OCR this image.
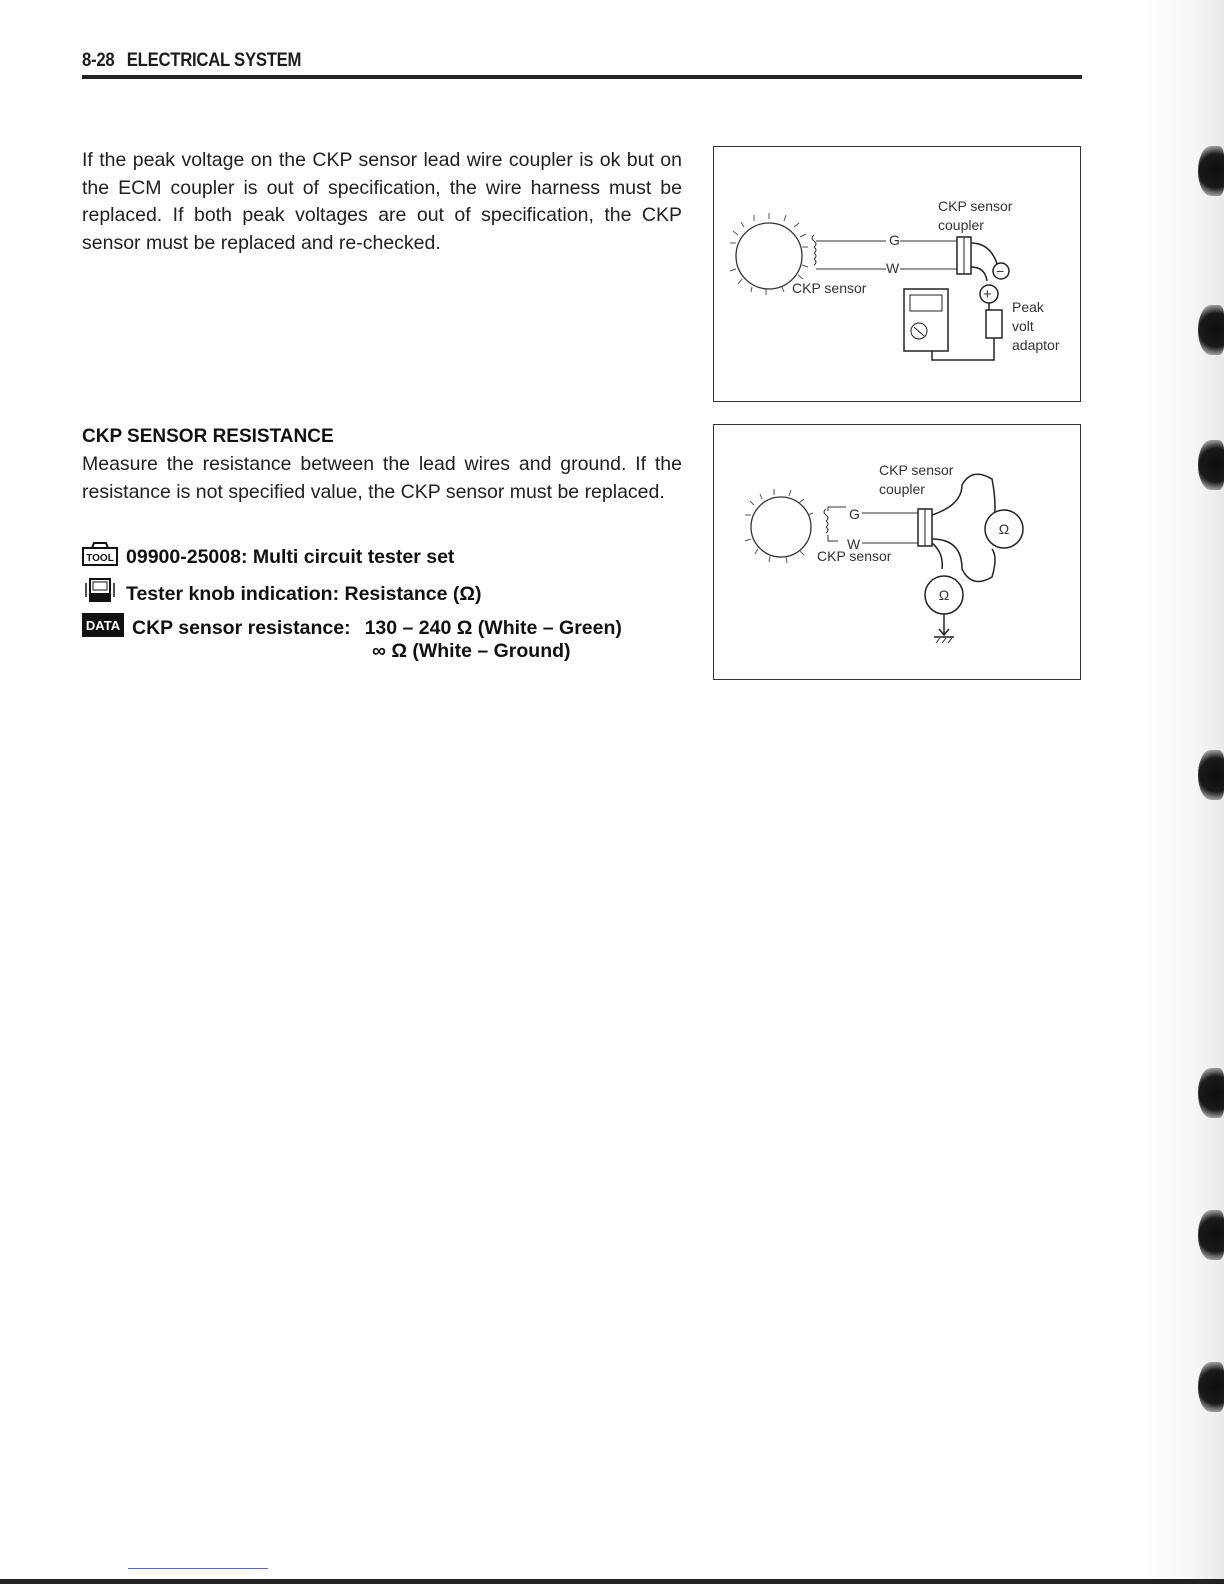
8-28 ELECTRICAL SYSTEM
If the peak voltage on the CKP sensor lead wire coupler is ok but on the ECM coupler is out of specification, the wire harness must be replaced. If both peak voltages are out of specification, the CKP sensor must be replaced and re-checked.	G
W
CKP sensor
coupler
CKP sensor
−
+
Peak
volt
adaptor
CKP SENSOR RESISTANCE
Measure the resistance between the lead wires and ground. If the resistance is not specified value, the CKP sensor must be replaced.
TOOL 09900-25008: Multi circuit tester set
Tester knob indication: Resistance (Ω)
DATA CKP sensor resistance: 130 – 240 Ω (White – Green)
∞ Ω (White – Ground)
G
W
CKP sensor
coupler
CKP sensor
Ω
Ω
